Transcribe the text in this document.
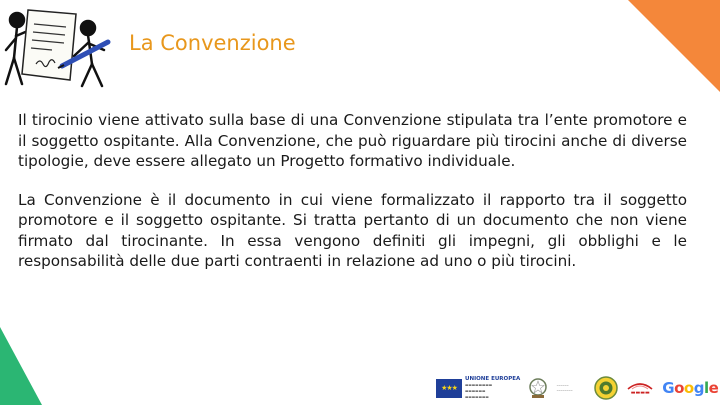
La Convenzione

Il tirocinio viene attivato sulla base di una Convenzione stipulata tra l’ente promotore e il soggetto ospitante. Alla Convenzione, che può riguardare più tirocini anche di diverse tipologie, deve essere allegato un Progetto formativo individuale.

La Convenzione è il documento in cui viene formalizzato il rapporto tra il soggetto promotore e il soggetto ospitante. Si tratta pertanto di un documento che non viene firmato dal tirocinante. In essa vengono definiti gli impegni, gli obblighi e le responsabilità delle due parti contraenti in relazione ad uno o più tirocini.

★★★
UNIONE EUROPEA
▬▬▬▬▬▬▬▬
▬▬▬▬▬▬
▬▬▬▬▬▬▬
〰〰〰
〰〰〰〰	▬▬▬▬ Google
